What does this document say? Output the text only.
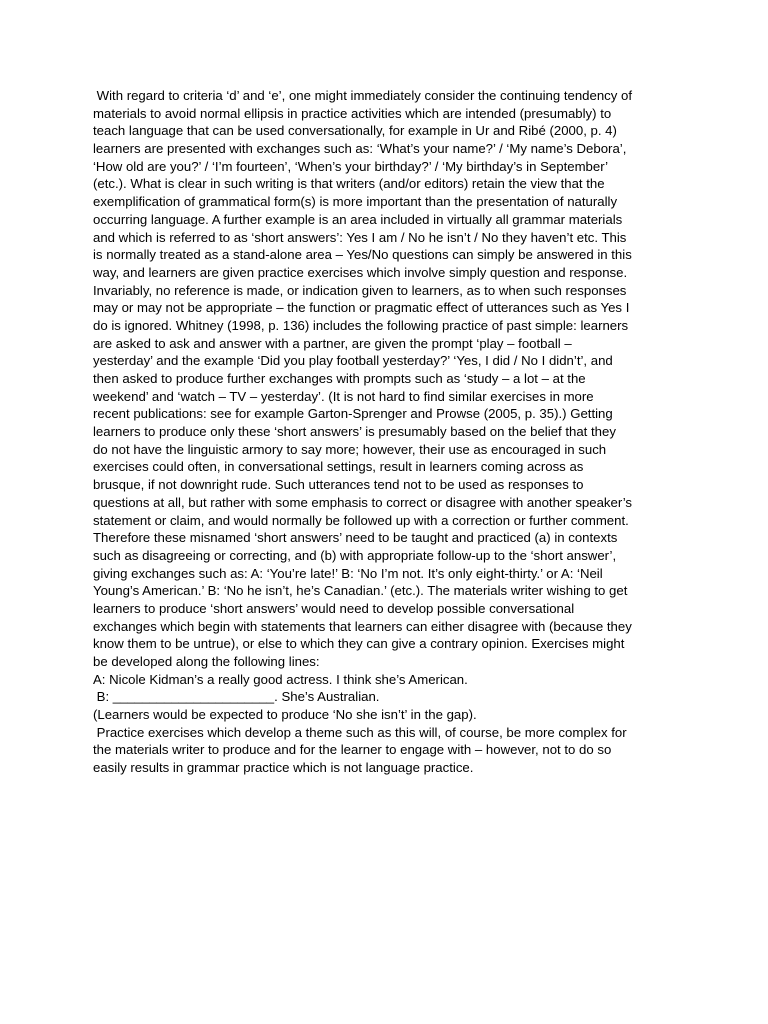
With regard to criteria ‘d’ and ‘e’, one might immediately consider the continuing tendency of
materials to avoid normal ellipsis in practice activities which are intended (presumably) to
teach language that can be used conversationally, for example in Ur and Ribé (2000, p. 4)
learners are presented with exchanges such as: ‘What’s your name?’ / ‘My name’s Debora’,
‘How old are you?’ / ‘I’m fourteen’, ‘When’s your birthday?’ / ‘My birthday’s in September’
(etc.). What is clear in such writing is that writers (and/or editors) retain the view that the
exemplification of grammatical form(s) is more important than the presentation of naturally
occurring language. A further example is an area included in virtually all grammar materials
and which is referred to as ‘short answers’: Yes I am / No he isn’t / No they haven’t etc. This
is normally treated as a stand-alone area – Yes/No questions can simply be answered in this
way, and learners are given practice exercises which involve simply question and response.
Invariably, no reference is made, or indication given to learners, as to when such responses
may or may not be appropriate – the function or pragmatic effect of utterances such as Yes I
do is ignored. Whitney (1998, p. 136) includes the following practice of past simple: learners
are asked to ask and answer with a partner, are given the prompt ‘play – football –
yesterday’ and the example ‘Did you play football yesterday?’ ‘Yes, I did / No I didn’t’, and
then asked to produce further exchanges with prompts such as ‘study – a lot – at the
weekend’ and ‘watch – TV – yesterday’. (It is not hard to find similar exercises in more
recent publications: see for example Garton-Sprenger and Prowse (2005, p. 35).) Getting
learners to produce only these ‘short answers’ is presumably based on the belief that they
do not have the linguistic armory to say more; however, their use as encouraged in such
exercises could often, in conversational settings, result in learners coming across as
brusque, if not downright rude. Such utterances tend not to be used as responses to
questions at all, but rather with some emphasis to correct or disagree with another speaker’s
statement or claim, and would normally be followed up with a correction or further comment.
Therefore these misnamed ‘short answers’ need to be taught and practiced (a) in contexts
such as disagreeing or correcting, and (b) with appropriate follow-up to the ‘short answer’,
giving exchanges such as: A: ‘You’re late!’ B: ‘No I’m not. It’s only eight-thirty.’ or A: ‘Neil
Young’s American.’ B: ‘No he isn’t, he’s Canadian.’ (etc.). The materials writer wishing to get
learners to produce ‘short answers’ would need to develop possible conversational
exchanges which begin with statements that learners can either disagree with (because they
know them to be untrue), or else to which they can give a contrary opinion. Exercises might
be developed along the following lines:
A: Nicole Kidman’s a really good actress. I think she’s American.
B: ______________________. She’s Australian.
(Learners would be expected to produce ‘No she isn’t’ in the gap).
Practice exercises which develop a theme such as this will, of course, be more complex for
the materials writer to produce and for the learner to engage with – however, not to do so
easily results in grammar practice which is not language practice.
